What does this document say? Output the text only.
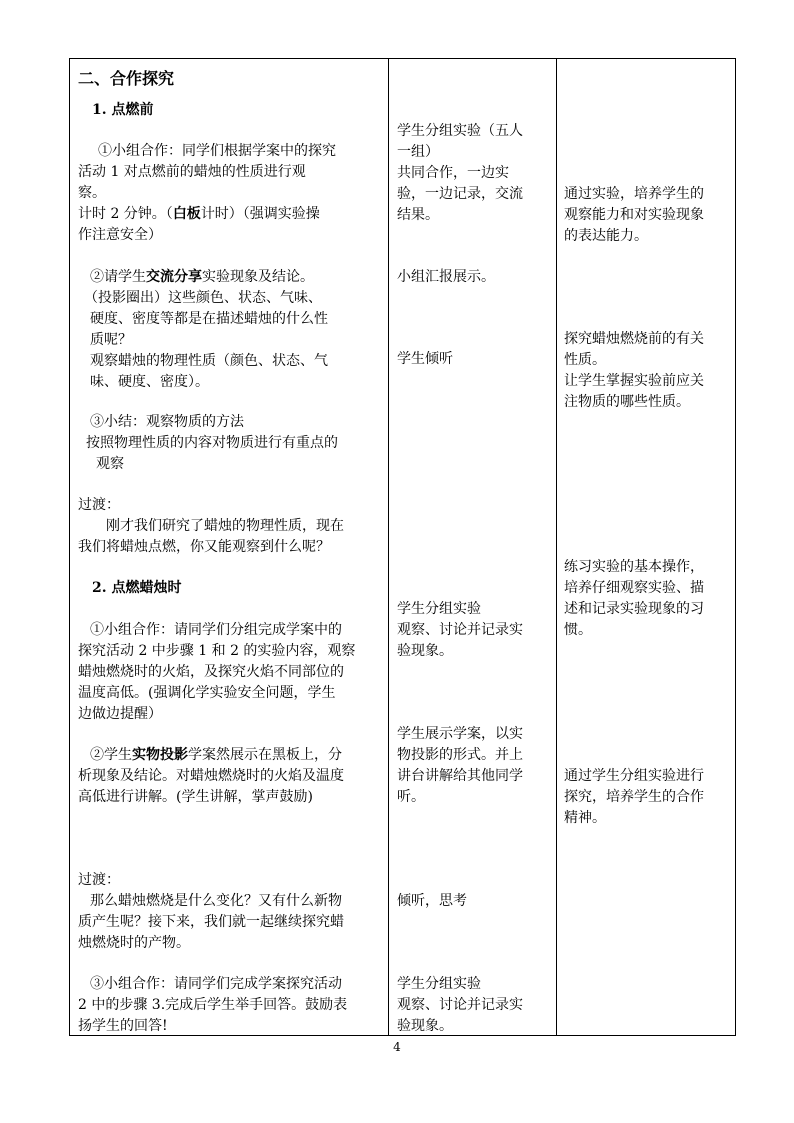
二、合作探究
1. 点燃前
①小组合作：同学们根据学案中的探究
活动 1 对点燃前的蜡烛的性质进行观
察。
计时 2 分钟。（白板计时）（强调实验操
作注意安全）
②请学生交流分享实验现象及结论。
（投影圈出）这些颜色、状态、气味、
硬度、密度等都是在描述蜡烛的什么性
质呢？
观察蜡烛的物理性质（颜色、状态、气
味、硬度、密度）。
③小结：观察物质的方法
按照物理性质的内容对物质进行有重点的
观察
过渡：
刚才我们研究了蜡烛的物理性质，现在
我们将蜡烛点燃，你又能观察到什么呢？
2. 点燃蜡烛时
①小组合作：请同学们分组完成学案中的
探究活动 2 中步骤 1 和 2 的实验内容，观察
蜡烛燃烧时的火焰，及探究火焰不同部位的
温度高低。(强调化学实验安全问题，学生
边做边提醒）
②学生实物投影学案然展示在黑板上，分
析现象及结论。对蜡烛燃烧时的火焰及温度
高低进行讲解。(学生讲解，掌声鼓励)
过渡：
那么蜡烛燃烧是什么变化？又有什么新物
质产生呢？接下来，我们就一起继续探究蜡
烛燃烧时的产物。
③小组合作：请同学们完成学案探究活动
2 中的步骤 3.完成后学生举手回答。鼓励表
扬学生的回答!
学生分组实验（五人
一组）
共同合作，一边实
验，一边记录，交流
结果。
小组汇报展示。
学生倾听
学生分组实验
观察、讨论并记录实
验现象。
学生展示学案，以实
物投影的形式。并上
讲台讲解给其他同学
听。
倾听，思考
学生分组实验
观察、讨论并记录实
验现象。
通过实验，培养学生的
观察能力和对实验现象
的表达能力。
探究蜡烛燃烧前的有关
性质。
让学生掌握实验前应关
注物质的哪些性质。
练习实验的基本操作，
培养仔细观察实验、描
述和记录实验现象的习
惯。
通过学生分组实验进行
探究，培养学生的合作
精神。
4
